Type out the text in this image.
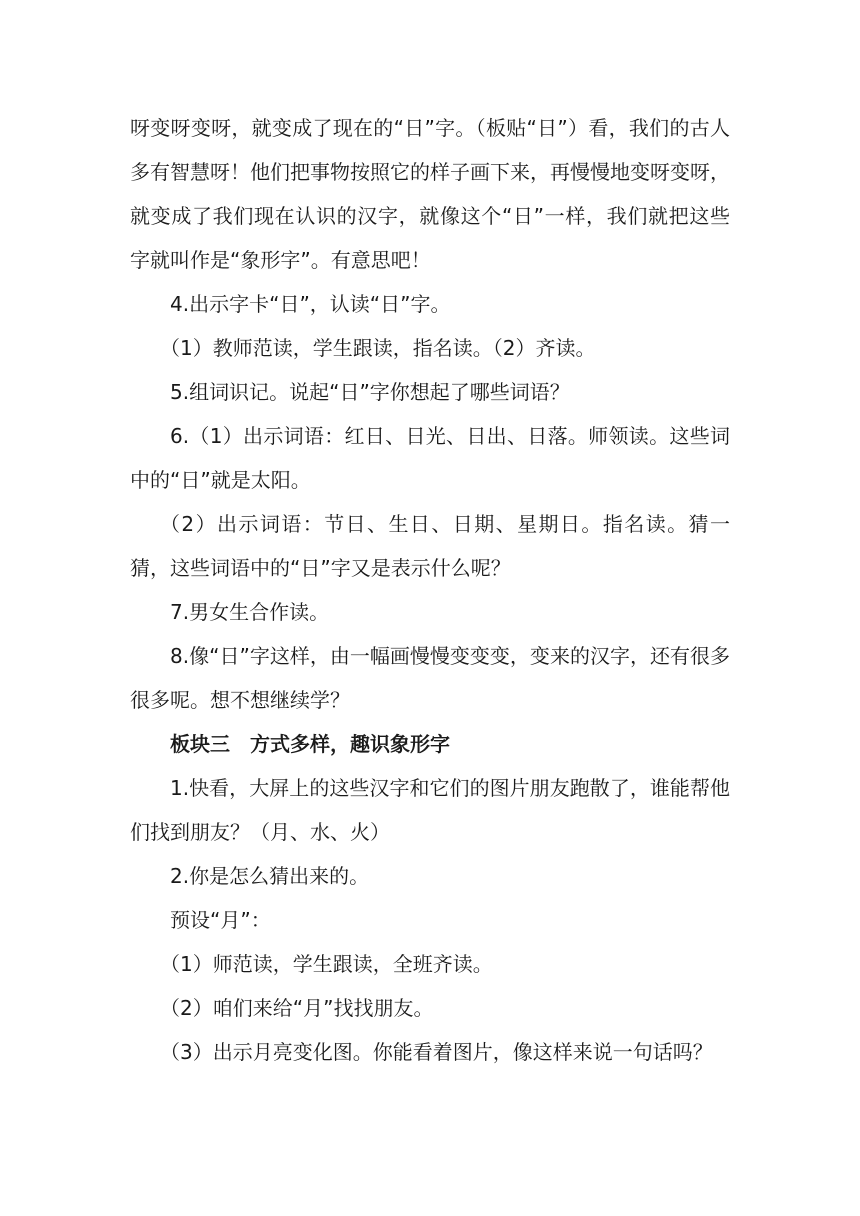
呀变呀变呀，就变成了现在的“日”字。（板贴“日”）看，我们的古人多有智慧呀！他们把事物按照它的样子画下来，再慢慢地变呀变呀，就变成了我们现在认识的汉字，就像这个“日”一样，我们就把这些字就叫作是“象形字”。有意思吧！

4.出示字卡“日”，认读“日”字。

（1）教师范读，学生跟读，指名读。（2）齐读。

5.组词识记。说起“日”字你想起了哪些词语？

6.（1）出示词语：红日、日光、日出、日落。师领读。这些词中的“日”就是太阳。

（2）出示词语：节日、生日、日期、星期日。指名读。猜一猜，这些词语中的“日”字又是表示什么呢？

7.男女生合作读。

8.像“日”字这样，由一幅画慢慢变变变，变来的汉字，还有很多很多呢。想不想继续学？

板块三　方式多样，趣识象形字

1.快看，大屏上的这些汉字和它们的图片朋友跑散了，谁能帮他们找到朋友？（月、水、火）

2.你是怎么猜出来的。

预设“月”：

（1）师范读，学生跟读，全班齐读。

（2）咱们来给“月”找找朋友。

（3）出示月亮变化图。你能看着图片，像这样来说一句话吗？
